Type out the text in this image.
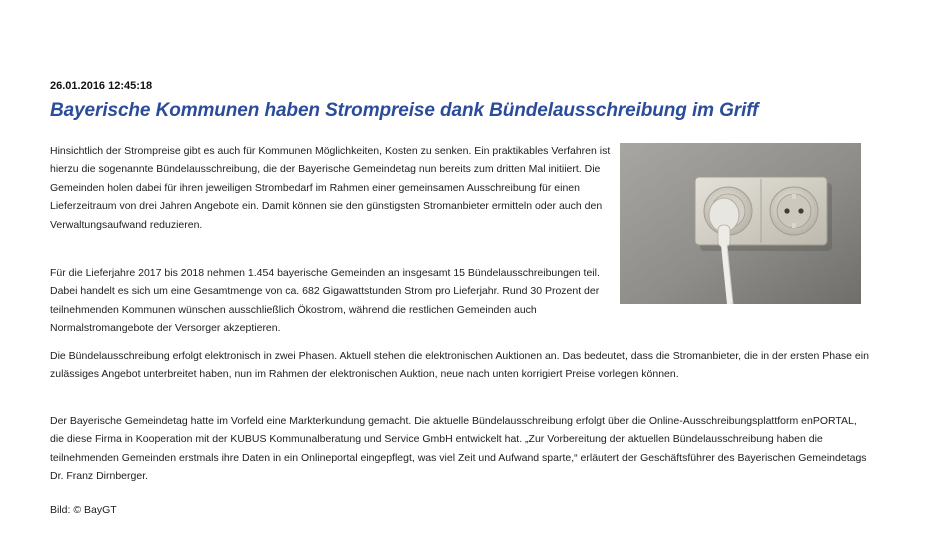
26.01.2016 12:45:18
Bayerische Kommunen haben Strompreise dank Bündelausschreibung im Griff

Hinsichtlich der Strompreise gibt es auch für Kommunen Möglichkeiten, Kosten zu senken. Ein praktikables Verfahren ist hierzu die sogenannte Bündelausschreibung, die der Bayerische Gemeindetag nun bereits zum dritten Mal initiiert. Die Gemeinden holen dabei für ihren jeweiligen Strombedarf im Rahmen einer gemeinsamen Ausschreibung für einen Lieferzeitraum von drei Jahren Angebote ein. Damit können sie den günstigsten Stromanbieter ermitteln oder auch den Verwaltungsaufwand reduzieren.

Für die Lieferjahre 2017 bis 2018 nehmen 1.454 bayerische Gemeinden an insgesamt 15 Bündelausschreibungen teil. Dabei handelt es sich um eine Gesamtmenge von ca. 682 Gigawattstunden Strom pro Lieferjahr. Rund 30 Prozent der teilnehmenden Kommunen wünschen ausschließlich Ökostrom, während die restlichen Gemeinden auch Normalstromangebote der Versorger akzeptieren.

Die Bündelausschreibung erfolgt elektronisch in zwei Phasen. Aktuell stehen die elektronischen Auktionen an. Das bedeutet, dass die Stromanbieter, die in der ersten Phase ein zulässiges Angebot unterbreitet haben, nun im Rahmen der elektronischen Auktion, neue nach unten korrigiert Preise vorlegen können.

Der Bayerische Gemeindetag hatte im Vorfeld eine Markterkundung gemacht. Die aktuelle Bündelausschreibung erfolgt über die Online-Ausschreibungsplattform enPORTAL, die diese Firma in Kooperation mit der KUBUS Kommunalberatung und Service GmbH entwickelt hat. „Zur Vorbereitung der aktuellen Bündelausschreibung haben die teilnehmenden Gemeinden erstmals ihre Daten in ein Onlineportal eingepflegt, was viel Zeit und Aufwand sparte,“ erläutert der Geschäftsführer des Bayerischen Gemeindetags Dr. Franz Dirnberger.

Bild: © BayGT
